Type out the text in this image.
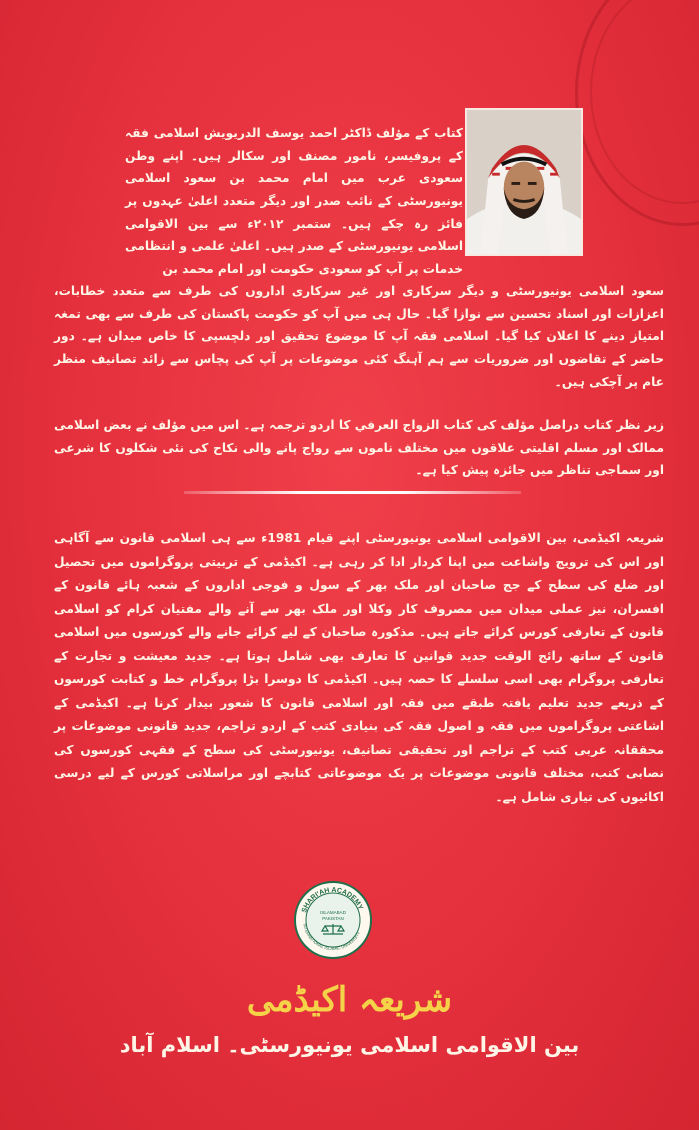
کتاب کے مؤلف ڈاکٹر احمد یوسف الدریویش اسلامی فقہ کے پروفیسر، نامور مصنف اور سکالر ہیں۔ اپنے وطن سعودی عرب میں امام محمد بن سعود اسلامی یونیورسٹی کے نائب صدر اور دیگر متعدد اعلیٰ عہدوں پر فائز رہ چکے ہیں۔ ستمبر ۲۰۱۲ء سے بین الاقوامی اسلامی یونیورسٹی کے صدر ہیں۔ اعلیٰ علمی و انتظامی خدمات پر آپ کو سعودی حکومت اور امام محمد بن

سعود اسلامی یونیورسٹی و دیگر سرکاری اور غیر سرکاری اداروں کی طرف سے متعدد خطابات، اعزازات اور اسناد تحسین سے نوازا گیا۔ حال ہی میں آپ کو حکومت پاکستان کی طرف سے بھی تمغہ امتیاز دینے کا اعلان کیا گیا۔ اسلامی فقہ آپ کا موضوع تحقیق اور دلچسپی کا خاص میدان ہے۔ دور حاضر کے تقاضوں اور ضروریات سے ہم آہنگ کئی موضوعات پر آپ کی پچاس سے زائد تصانیف منظر عام پر آچکی ہیں۔

زیر نظر کتاب دراصل مؤلف کی کتاب الزواج العرفي کا اردو ترجمہ ہے۔ اس میں مؤلف نے بعض اسلامی ممالک اور مسلم اقلیتی علاقوں میں مختلف ناموں سے رواج پانے والی نکاح کی نئی شکلوں کا شرعی اور سماجی تناظر میں جائزہ پیش کیا ہے۔

شریعہ اکیڈمی، بین الاقوامی اسلامی یونیورسٹی اپنے قیام 1981ء سے ہی اسلامی قانون سے آگاہی اور اس کی ترویج واشاعت میں اپنا کردار ادا کر رہی ہے۔ اکیڈمی کے تربیتی پروگراموں میں تحصیل اور ضلع کی سطح کے جج صاحبان اور ملک بھر کے سول و فوجی اداروں کے شعبہ ہائے قانون کے افسران، نیز عملی میدان میں مصروف کار وکلا اور ملک بھر سے آنے والے مفتیان کرام کو اسلامی قانون کے تعارفی کورس کرائے جاتے ہیں۔ مذکورہ صاحبان کے لیے کرائے جانے والے کورسوں میں اسلامی قانون کے ساتھ رائج الوقت جدید قوانین کا تعارف بھی شامل ہوتا ہے۔ جدید معیشت و تجارت کے تعارفی پروگرام بھی اسی سلسلے کا حصہ ہیں۔ اکیڈمی کا دوسرا بڑا پروگرام خط و کتابت کورسوں کے ذریعے جدید تعلیم یافتہ طبقے میں فقہ اور اسلامی قانون کا شعور بیدار کرنا ہے۔ اکیڈمی کے اشاعتی پروگراموں میں فقہ و اصول فقہ کی بنیادی کتب کے اردو تراجم، جدید قانونی موضوعات پر محققانہ عربی کتب کے تراجم اور تحقیقی تصانیف، یونیورسٹی کی سطح کے فقہی کورسوں کی نصابی کتب، مختلف قانونی موضوعات پر یک موضوعاتی کتابچے اور مراسلاتی کورس کے لیے درسی اکائیوں کی تیاری شامل ہے۔

SHARI'AH ACADEMY
INTERNATIONAL ISLAMIC UNIVERSITY
ISLAMABAD
PAKISTAN
شریعہ اکیڈمی
بین الاقوامی اسلامی یونیورسٹی۔ اسلام آباد
